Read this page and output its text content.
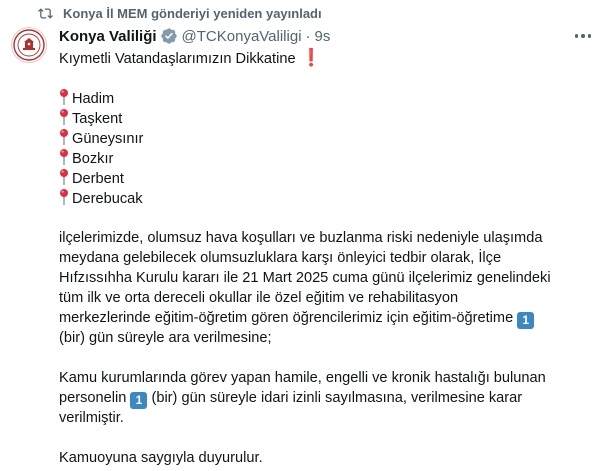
Konya İl MEM gönderiyi yeniden yayınladı
Konya Valiliği @TCKonyaValiligi · 9s
Kıymetli Vatandaşlarımızın Dikkatine ❗
Hadim
Taşkent
Güneysınır
Bozkır
Derbent
Derebucak
ilçelerimizde, olumsuz hava koşulları ve buzlanma riski nedeniyle ulaşımda
meydana gelebilecek olumsuzluklara karşı önleyici tedbir olarak, İlçe
Hıfzıssıhha Kurulu kararı ile 21 Mart 2025 cuma günü ilçelerimiz genelindeki
tüm ilk ve orta dereceli okullar ile özel eğitim ve rehabilitasyon
merkezlerinde eğitim-öğretim gören öğrencilerimiz için eğitim-öğretime 1
(bir) gün süreyle ara verilmesine;
Kamu kurumlarında görev yapan hamile, engelli ve kronik hastalığı bulunan
personelin 1 (bir) gün süreyle idari izinli sayılmasına, verilmesine karar
verilmiştir.
Kamuoyuna saygıyla duyurulur.
